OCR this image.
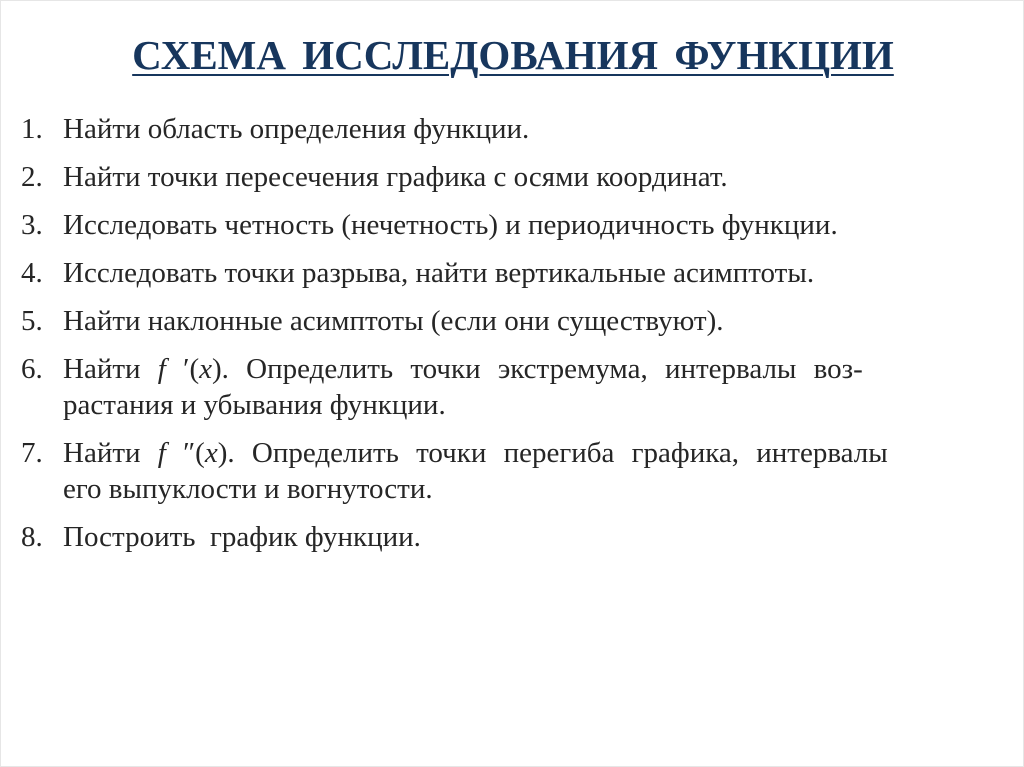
СХЕМА ИССЛЕДОВАНИЯ ФУНКЦИИ
1. Найти область определения функции.
2. Найти точки пересечения графика с осями координат.
3. Исследовать четность (нечетность) и периодичность функции.
4. Исследовать точки разрыва, найти вертикальные асимптоты.
5. Найти наклонные асимптоты (если они существуют).
6. Найти f ′(x). Определить точки экстремума, интервалы воз-
растания и убывания функции.
7. Найти f ″(x). Определить точки перегиба графика, интервалы
его выпуклости и вогнутости.
8. Построить  график функции.
